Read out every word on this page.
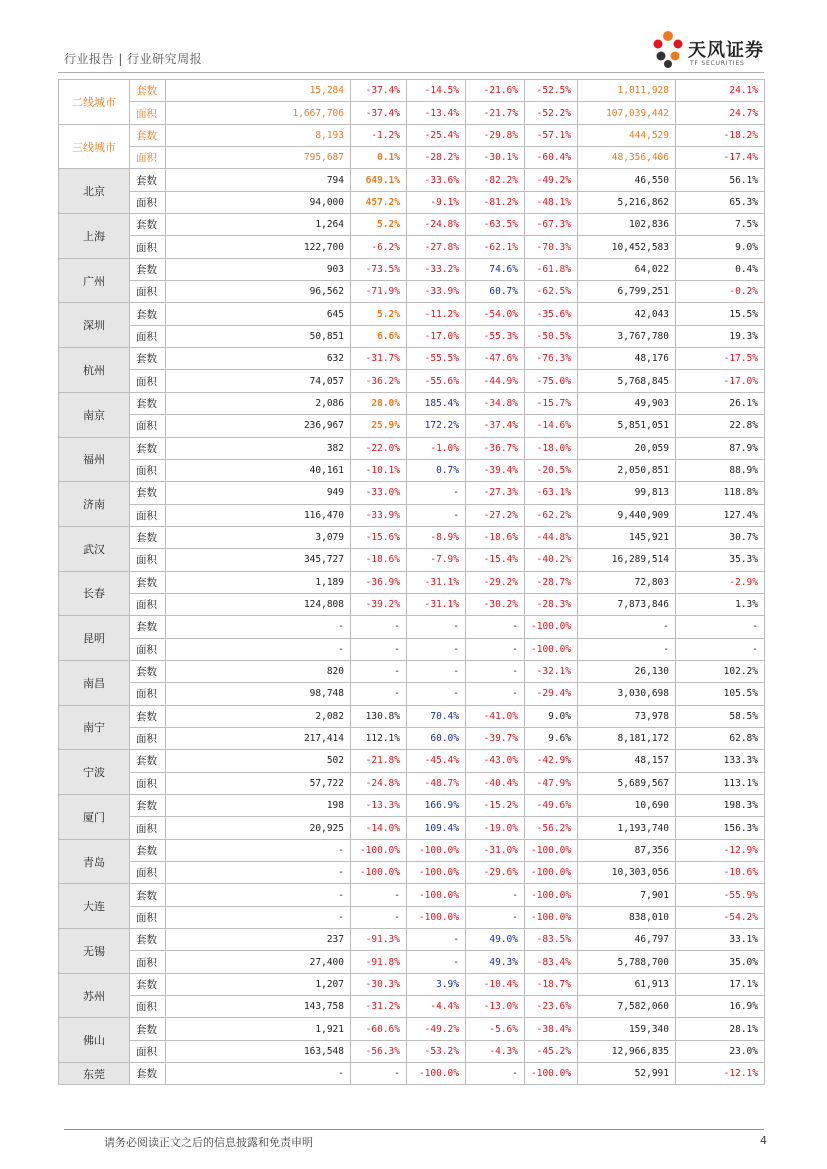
行业报告 | 行业研究周报	天风证券
TF SECURITIES
二线城市	套数	15,284	-37.4%	-14.5%	-21.6%	-52.5%	1,011,928	24.1%
	面积	1,667,706	-37.4%	-13.4%	-21.7%	-52.2%	107,039,442	24.7%
三线城市	套数	8,193	-1.2%	-25.4%	-29.8%	-57.1%	444,529	-18.2%
	面积	795,687	0.1%	-28.2%	-30.1%	-60.4%	48,356,406	-17.4%
北京	套数	794	649.1%	-33.6%	-82.2%	-49.2%	46,550	56.1%
	面积	94,000	457.2%	-9.1%	-81.2%	-48.1%	5,216,862	65.3%
上海	套数	1,264	5.2%	-24.8%	-63.5%	-67.3%	102,836	7.5%
	面积	122,700	-6.2%	-27.8%	-62.1%	-70.3%	10,452,583	9.0%
广州	套数	903	-73.5%	-33.2%	74.6%	-61.8%	64,022	0.4%
	面积	96,562	-71.9%	-33.9%	60.7%	-62.5%	6,799,251	-0.2%
深圳	套数	645	5.2%	-11.2%	-54.0%	-35.6%	42,043	15.5%
	面积	50,851	6.6%	-17.0%	-55.3%	-50.5%	3,767,780	19.3%
杭州	套数	632	-31.7%	-55.5%	-47.6%	-76.3%	48,176	-17.5%
	面积	74,057	-36.2%	-55.6%	-44.9%	-75.0%	5,768,845	-17.0%
南京	套数	2,086	28.0%	185.4%	-34.8%	-15.7%	49,903	26.1%
	面积	236,967	25.9%	172.2%	-37.4%	-14.6%	5,851,051	22.8%
福州	套数	382	-22.0%	-1.0%	-36.7%	-18.0%	20,059	87.9%
	面积	40,161	-10.1%	0.7%	-39.4%	-20.5%	2,050,851	88.9%
济南	套数	949	-33.0%	-	-27.3%	-63.1%	99,813	118.8%
	面积	116,470	-33.9%	-	-27.2%	-62.2%	9,440,909	127.4%
武汉	套数	3,079	-15.6%	-8.9%	-18.6%	-44.8%	145,921	30.7%
	面积	345,727	-18.6%	-7.9%	-15.4%	-40.2%	16,289,514	35.3%
长春	套数	1,189	-36.9%	-31.1%	-29.2%	-28.7%	72,803	-2.9%
	面积	124,808	-39.2%	-31.1%	-30.2%	-28.3%	7,873,846	1.3%
昆明	套数	-	-	-	-	-100.0%	-	-
	面积	-	-	-	-	-100.0%	-	-
南昌	套数	820	-	-	-	-32.1%	26,130	102.2%
	面积	98,748	-	-	-	-29.4%	3,030,698	105.5%
南宁	套数	2,082	130.8%	70.4%	-41.0%	9.0%	73,978	58.5%
	面积	217,414	112.1%	60.0%	-39.7%	9.6%	8,181,172	62.8%
宁波	套数	502	-21.8%	-45.4%	-43.0%	-42.9%	48,157	133.3%
	面积	57,722	-24.8%	-48.7%	-40.4%	-47.9%	5,689,567	113.1%
厦门	套数	198	-13.3%	166.9%	-15.2%	-49.6%	10,690	198.3%
	面积	20,925	-14.0%	109.4%	-19.0%	-56.2%	1,193,740	156.3%
青岛	套数	-	-100.0%	-100.0%	-31.0%	-100.0%	87,356	-12.9%
	面积	-	-100.0%	-100.0%	-29.6%	-100.0%	10,303,056	-10.6%
大连	套数	-	-	-100.0%	-	-100.0%	7,901	-55.9%
	面积	-	-	-100.0%	-	-100.0%	838,010	-54.2%
无锡	套数	237	-91.3%	-	49.0%	-83.5%	46,797	33.1%
	面积	27,400	-91.8%	-	49.3%	-83.4%	5,788,700	35.0%
苏州	套数	1,207	-30.3%	3.9%	-10.4%	-18.7%	61,913	17.1%
	面积	143,758	-31.2%	-4.4%	-13.0%	-23.6%	7,582,060	16.9%
佛山	套数	1,921	-60.6%	-49.2%	-5.6%	-38.4%	159,340	28.1%
	面积	163,548	-56.3%	-53.2%	-4.3%	-45.2%	12,966,835	23.0%
东莞	套数	-	-	-100.0%	-	-100.0%	52,991	-12.1%
请务必阅读正文之后的信息披露和免责申明	4
